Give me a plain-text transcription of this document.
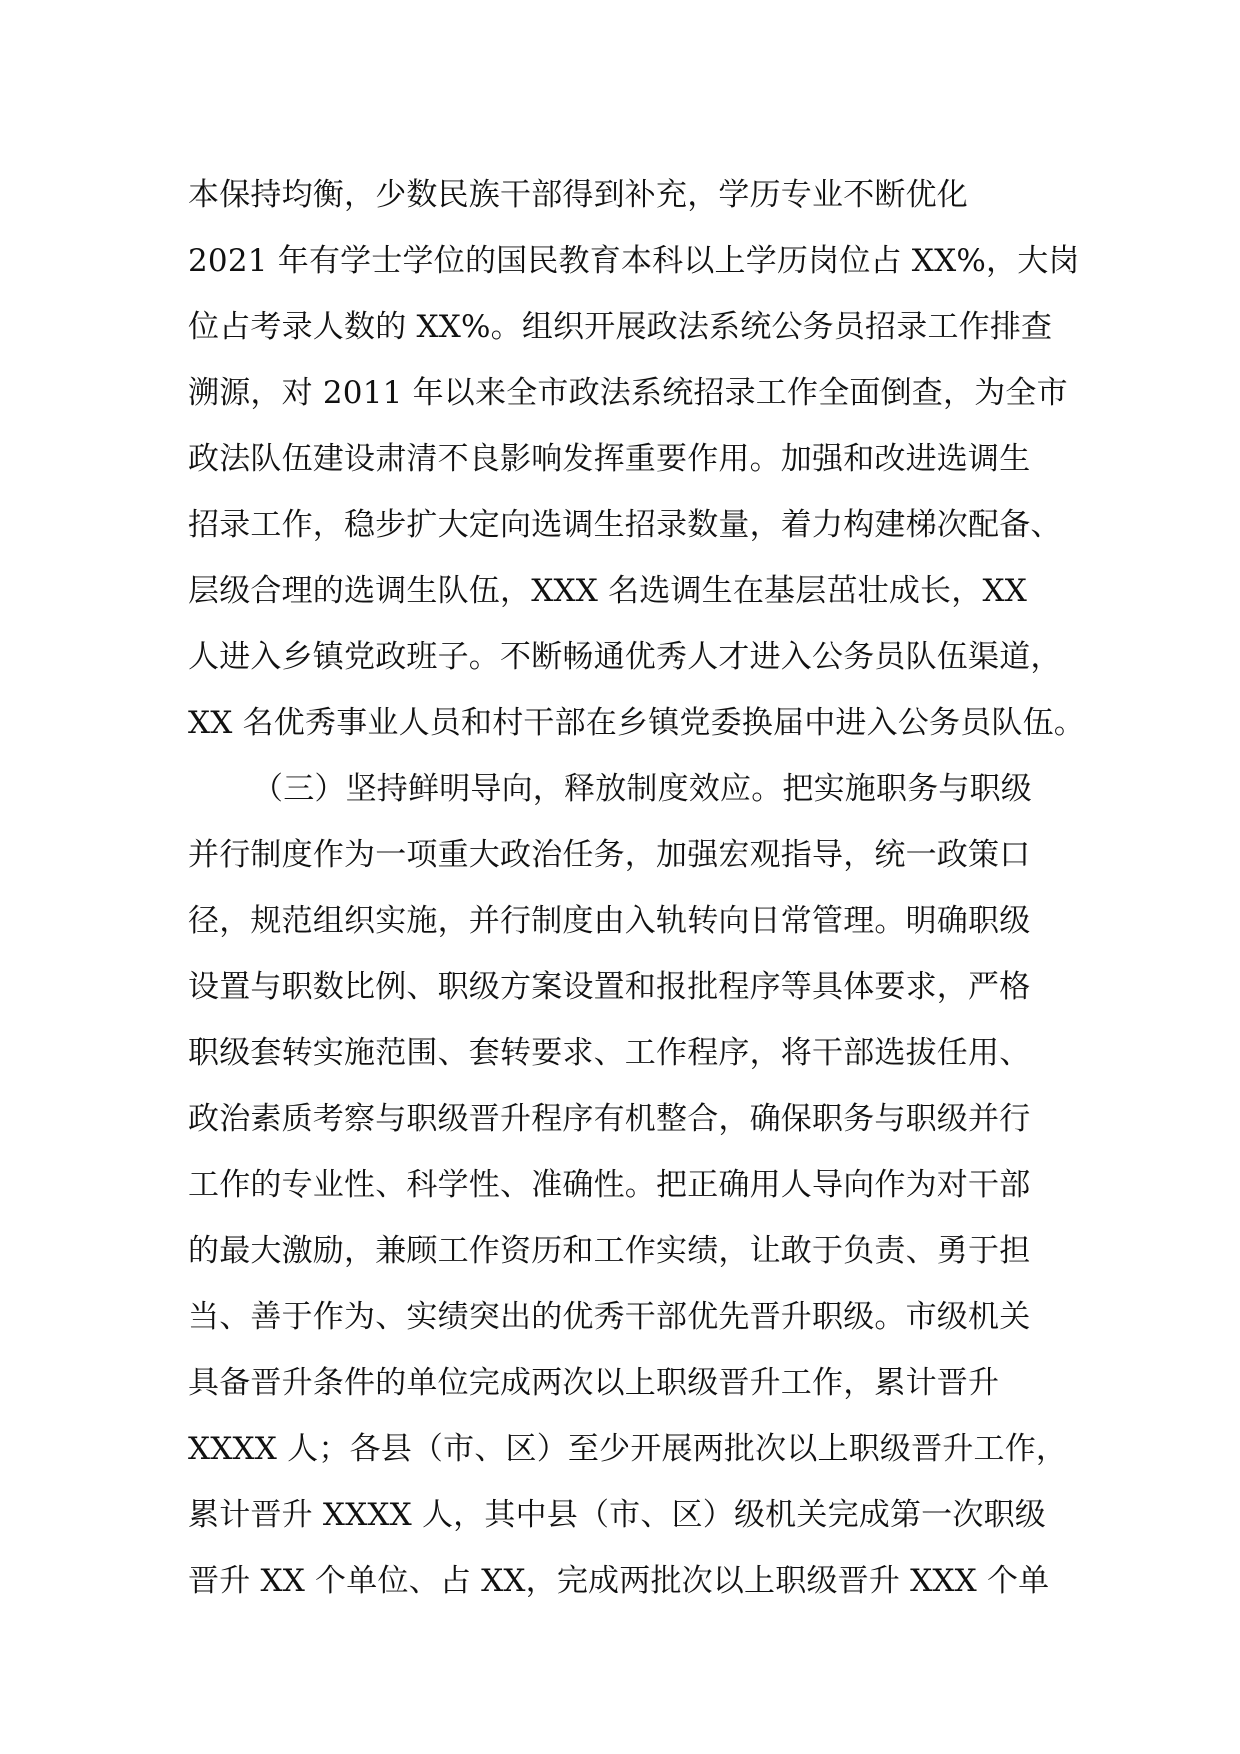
本保持均衡，少数民族干部得到补充，学历专业不断优化
2021 年有学士学位的国民教育本科以上学历岗位占 XX%，大岗
位占考录人数的 XX%。组织开展政法系统公务员招录工作排查
溯源，对 2011 年以来全市政法系统招录工作全面倒查，为全市
政法队伍建设肃清不良影响发挥重要作用。加强和改进选调生
招录工作，稳步扩大定向选调生招录数量，着力构建梯次配备、
层级合理的选调生队伍，XXX 名选调生在基层茁壮成长，XX
人进入乡镇党政班子。不断畅通优秀人才进入公务员队伍渠道，
XX 名优秀事业人员和村干部在乡镇党委换届中进入公务员队伍。
（三）坚持鲜明导向，释放制度效应。把实施职务与职级
并行制度作为一项重大政治任务，加强宏观指导，统一政策口
径，规范组织实施，并行制度由入轨转向日常管理。明确职级
设置与职数比例、职级方案设置和报批程序等具体要求，严格
职级套转实施范围、套转要求、工作程序，将干部选拔任用、
政治素质考察与职级晋升程序有机整合，确保职务与职级并行
工作的专业性、科学性、准确性。把正确用人导向作为对干部
的最大激励，兼顾工作资历和工作实绩，让敢于负责、勇于担
当、善于作为、实绩突出的优秀干部优先晋升职级。市级机关
具备晋升条件的单位完成两次以上职级晋升工作，累计晋升
XXXX 人；各县（市、区）至少开展两批次以上职级晋升工作，
累计晋升 XXXX 人，其中县（市、区）级机关完成第一次职级
晋升 XX 个单位、占 XX，完成两批次以上职级晋升 XXX 个单
